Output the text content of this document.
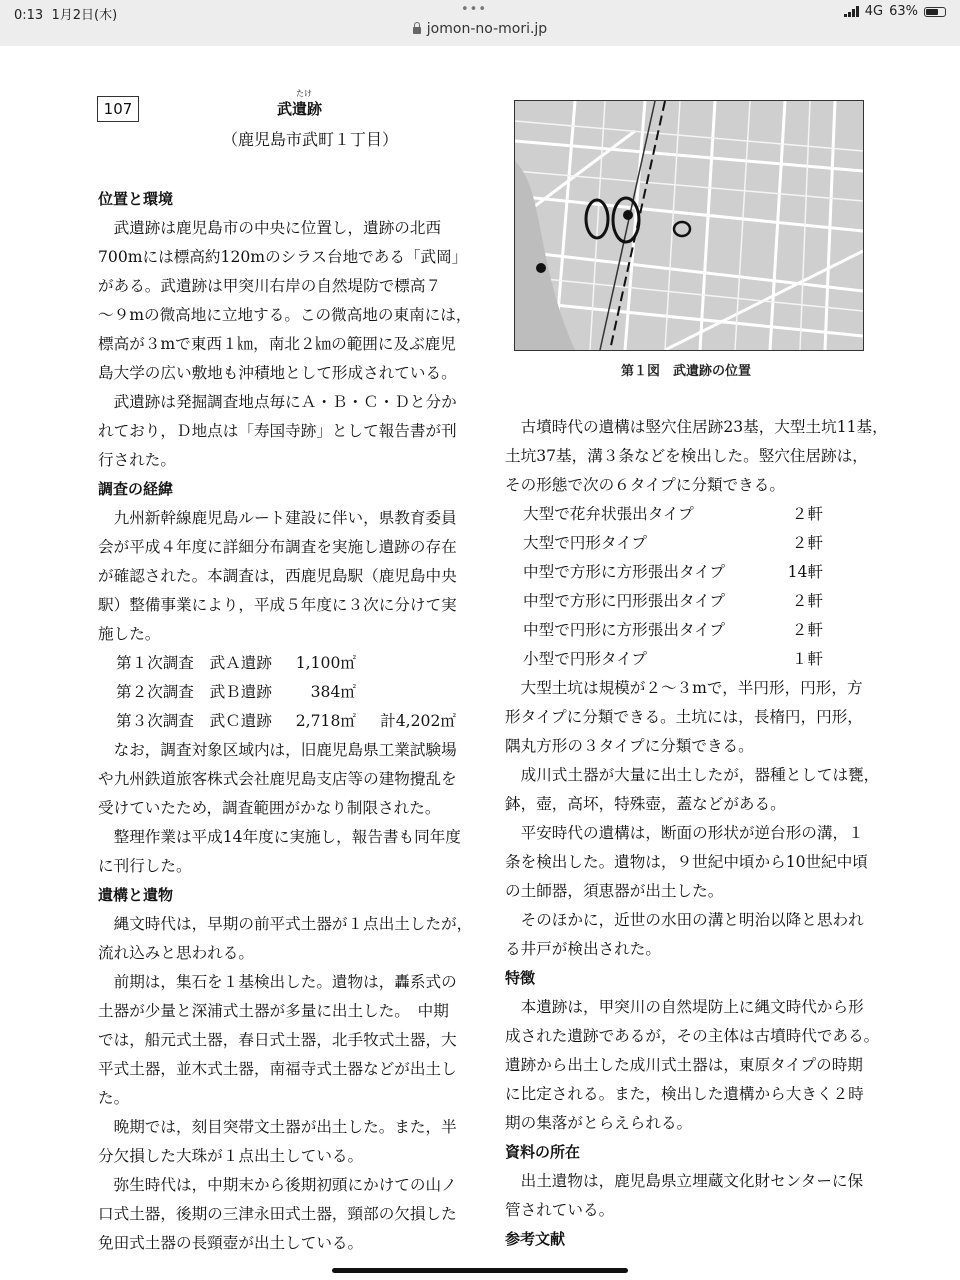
0:13 1月2日(木)	•••	4G 63%
jomon-no-mori.jp
107
たけ
武遺跡
（鹿児島市武町１丁目）
第１図　武遺跡の位置
位置と環境

武遺跡は鹿児島市の中央に位置し，遺跡の北西

700mには標高約120mのシラス台地である「武岡」
がある。武遺跡は甲突川右岸の自然堤防で標高７
～９mの微高地に立地する。この微高地の東南には，
標高が３mで東西１㎞，南北２㎞の範囲に及ぶ鹿児
島大学の広い敷地も沖積地として形成されている。

武遺跡は発掘調査地点毎にＡ・Ｂ・Ｃ・Ｄと分か

れており，Ｄ地点は「寿国寺跡」として報告書が刊
行された。
調査の経緯

九州新幹線鹿児島ルート建設に伴い，県教育委員

会が平成４年度に詳細分布調査を実施し遺跡の存在
が確認された。本調査は，西鹿児島駅（鹿児島中央
駅）整備事業により，平成５年度に３次に分けて実
施した。
第１次調査　武Ａ遺跡	1,100㎡
第２次調査　武Ｂ遺跡	384㎡
第３次調査　武Ｃ遺跡	2,718㎡	計4,202㎡

なお，調査対象区域内は，旧鹿児島県工業試験場

や九州鉄道旅客株式会社鹿児島支店等の建物攪乱を
受けていたため，調査範囲がかなり制限された。

整理作業は平成14年度に実施し，報告書も同年度

に刊行した。
遺構と遺物

縄文時代は，早期の前平式土器が１点出土したが，

流れ込みと思われる。

前期は，集石を１基検出した。遺物は，轟系式の

土器が少量と深浦式土器が多量に出土した。　中期
では，船元式土器，春日式土器，北手牧式土器，大
平式土器，並木式土器，南福寺式土器などが出土し
た。

晩期では，刻目突帯文土器が出土した。また，半

分欠損した大珠が１点出土している。

弥生時代は，中期末から後期初頭にかけての山ノ

口式土器，後期の三津永田式土器，頸部の欠損した
免田式土器の長頸壺が出土している。

古墳時代の遺構は竪穴住居跡23基，大型土坑11基，

土坑37基，溝３条などを検出した。竪穴住居跡は，
その形態で次の６タイプに分類できる。
大型で花弁状張出タイプ	２軒
大型で円形タイプ	２軒
中型で方形に方形張出タイプ	14軒
中型で方形に円形張出タイプ	２軒
中型で円形に方形張出タイプ	２軒
小型で円形タイプ	１軒

大型土坑は規模が２～３mで，半円形，円形，方

形タイプに分類できる。土坑には，長楕円，円形，
隅丸方形の３タイプに分類できる。

成川式土器が大量に出土したが，器種としては甕，

鉢，壺，高坏，特殊壺，蓋などがある。

平安時代の遺構は，断面の形状が逆台形の溝，１

条を検出した。遺物は，９世紀中頃から10世紀中頃
の土師器，須恵器が出土した。

そのほかに，近世の水田の溝と明治以降と思われ

る井戸が検出された。
特徴

本遺跡は，甲突川の自然堤防上に縄文時代から形

成された遺跡であるが，その主体は古墳時代である。
遺跡から出土した成川式土器は，東原タイプの時期
に比定される。また，検出した遺構から大きく２時
期の集落がとらえられる。
資料の所在

出土遺物は，鹿児島県立埋蔵文化財センターに保

管されている。
参考文献
